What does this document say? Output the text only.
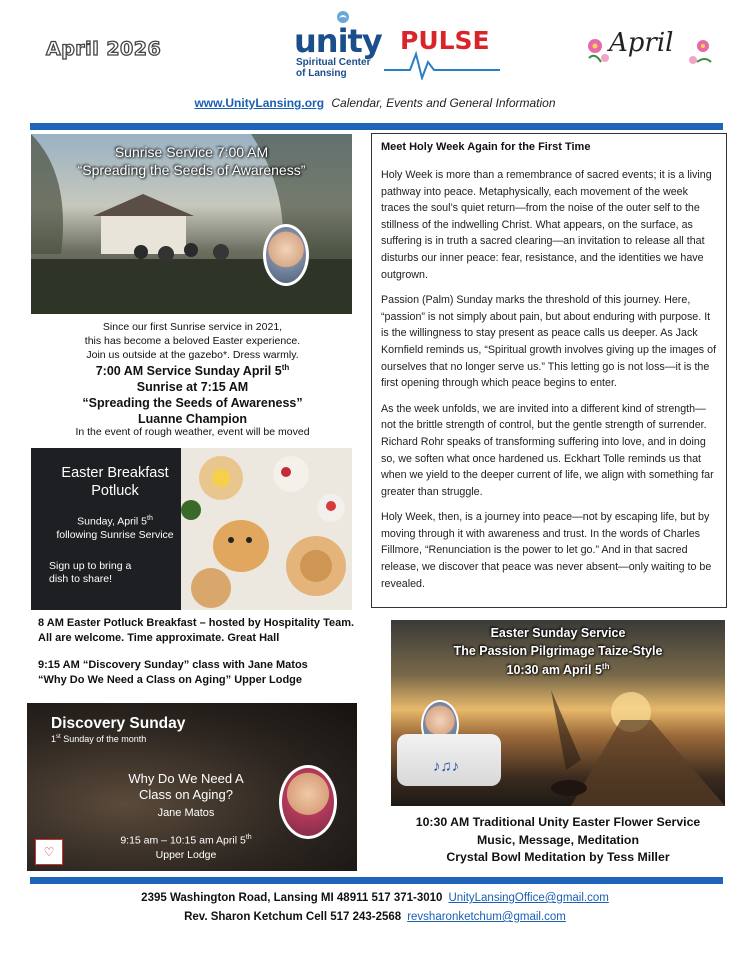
April 2026	unity PULSE
Spiritual Center
of Lansing
April
www.UnityLansing.org Calendar, Events and General Information
Sunrise Service 7:00 AM
“Spreading the Seeds of Awareness”
Since our first Sunrise service in 2021,
this has become a beloved Easter experience.
Join us outside at the gazebo*. Dress warmly.
7:00 AM Service Sunday April 5th
Sunrise at 7:15 AM
“Spreading the Seeds of Awareness”
Luanne Champion
In the event of rough weather, event will be moved
Easter Breakfast
Potluck
Sunday, April 5th
following Sunrise Service
Sign up to bring a
dish to share!
8 AM Easter Potluck Breakfast – hosted by Hospitality Team.
All are welcome. Time approximate. Great Hall
9:15 AM “Discovery Sunday” class with Jane Matos
“Why Do We Need a Class on Aging” Upper Lodge
Discovery Sunday
1st Sunday of the month
Why Do We Need A
Class on Aging?
Jane Matos
9:15 am – 10:15 am April 5th
Upper Lodge
♡
Meet Holy Week Again for the First Time

Holy Week is more than a remembrance of sacred events; it is a living pathway into peace. Metaphysically, each movement of the week traces the soul’s quiet return—from the noise of the outer self to the stillness of the indwelling Christ. What appears, on the surface, as suffering is in truth a sacred clearing—an invitation to release all that disturbs our inner peace: fear, resistance, and the identities we have outgrown.

Passion (Palm) Sunday marks the threshold of this journey. Here, “passion” is not simply about pain, but about enduring with purpose. It is the willingness to stay present as peace calls us deeper. As Jack Kornfield reminds us, “Spiritual growth involves giving up the images of ourselves that no longer serve us.” This letting go is not loss—it is the first opening through which peace begins to enter.

As the week unfolds, we are invited into a different kind of strength—not the brittle strength of control, but the gentle strength of surrender. Richard Rohr speaks of transforming suffering into love, and in doing so, we soften what once hardened us. Eckhart Tolle reminds us that when we yield to the deeper current of life, we align with something far greater than struggle.

Holy Week, then, is a journey into peace—not by escaping life, but by moving through it with awareness and trust. In the words of Charles Fillmore, “Renunciation is the power to let go.” And in that sacred release, we discover that peace was never absent—only waiting to be revealed.

Easter Sunday Service
The Passion Pilgrimage Taize-Style
10:30 am April 5th
♪♫♪
10:30 AM Traditional Unity Easter Flower Service
Music, Message, Meditation
Crystal Bowl Meditation by Tess Miller
2395 Washington Road, Lansing MI 48911 517 371-3010 UnityLansingOffice@gmail.com
Rev. Sharon Ketchum Cell 517 243-2568 revsharonketchum@gmail.com
